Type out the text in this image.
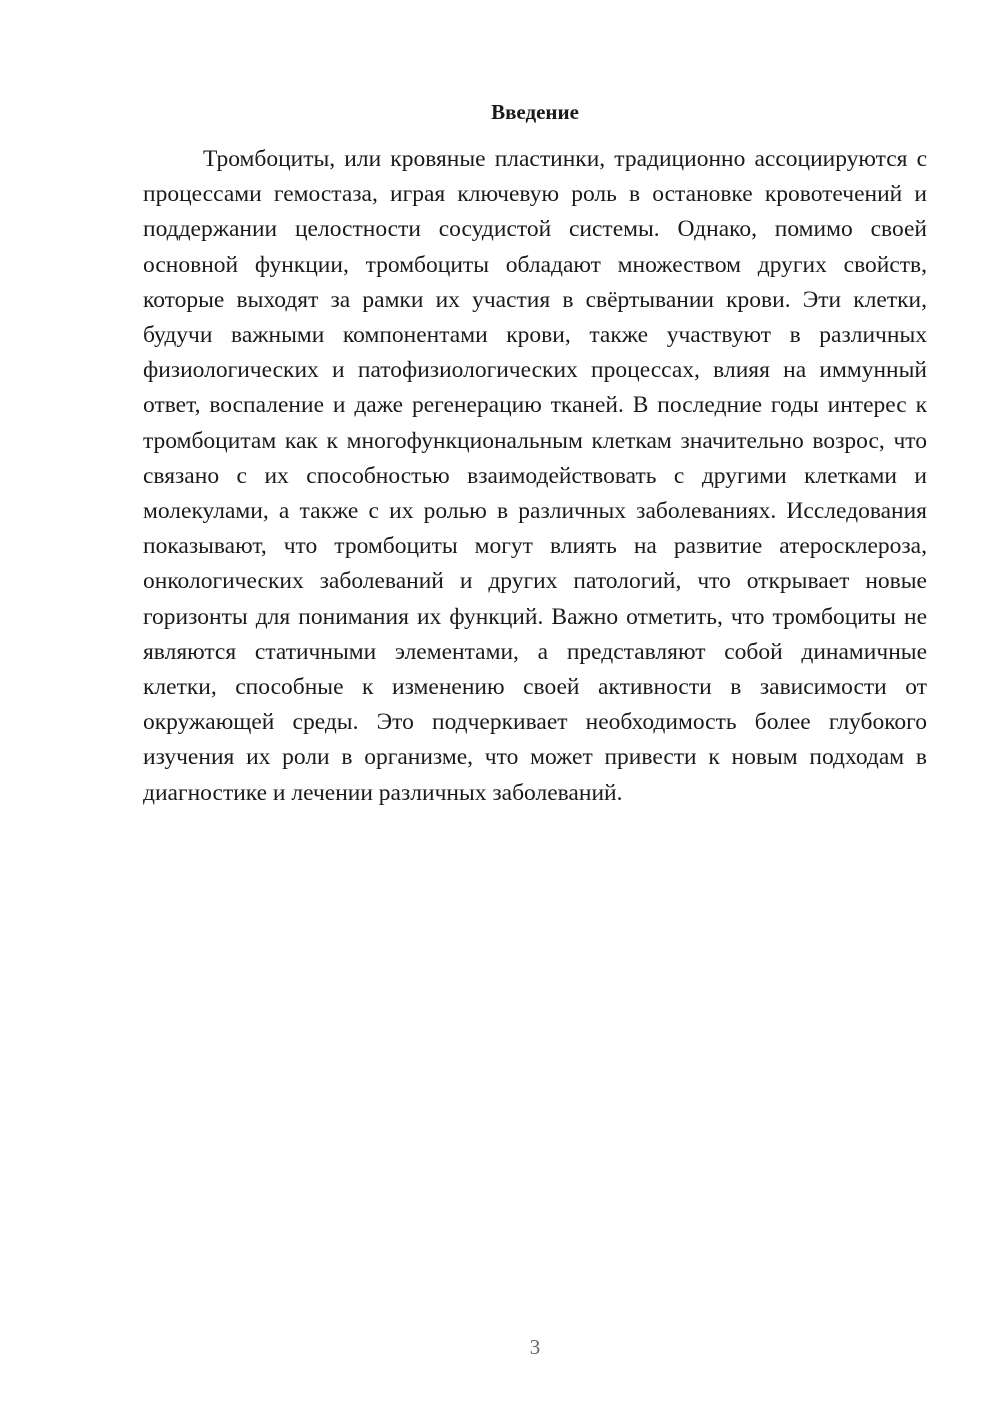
Введение

Тромбоциты, или кровяные пластинки, традиционно ассоциируются с процессами гемостаза, играя ключевую роль в остановке кровотечений и поддержании целостности сосудистой системы. Однако, помимо своей основной функции, тромбоциты обладают множеством других свойств, которые выходят за рамки их участия в свёртывании крови. Эти клетки, будучи важными компонентами крови, также участвуют в различных физиологических и патофизиологических процессах, влияя на иммунный ответ, воспаление и даже регенерацию тканей. В последние годы интерес к тромбоцитам как к многофункциональным клеткам значительно возрос, что связано с их способностью взаимодействовать с другими клетками и молекулами, а также с их ролью в различных заболеваниях. Исследования показывают, что тромбоциты могут влиять на развитие атеросклероза, онкологических заболеваний и других патологий, что открывает новые горизонты для понимания их функций. Важно отметить, что тромбоциты не являются статичными элементами, а представляют собой динамичные клетки, способные к изменению своей активности в зависимости от окружающей среды. Это подчеркивает необходимость более глубокого изучения их роли в организме, что может привести к новым подходам в диагностике и лечении различных заболеваний.

3
